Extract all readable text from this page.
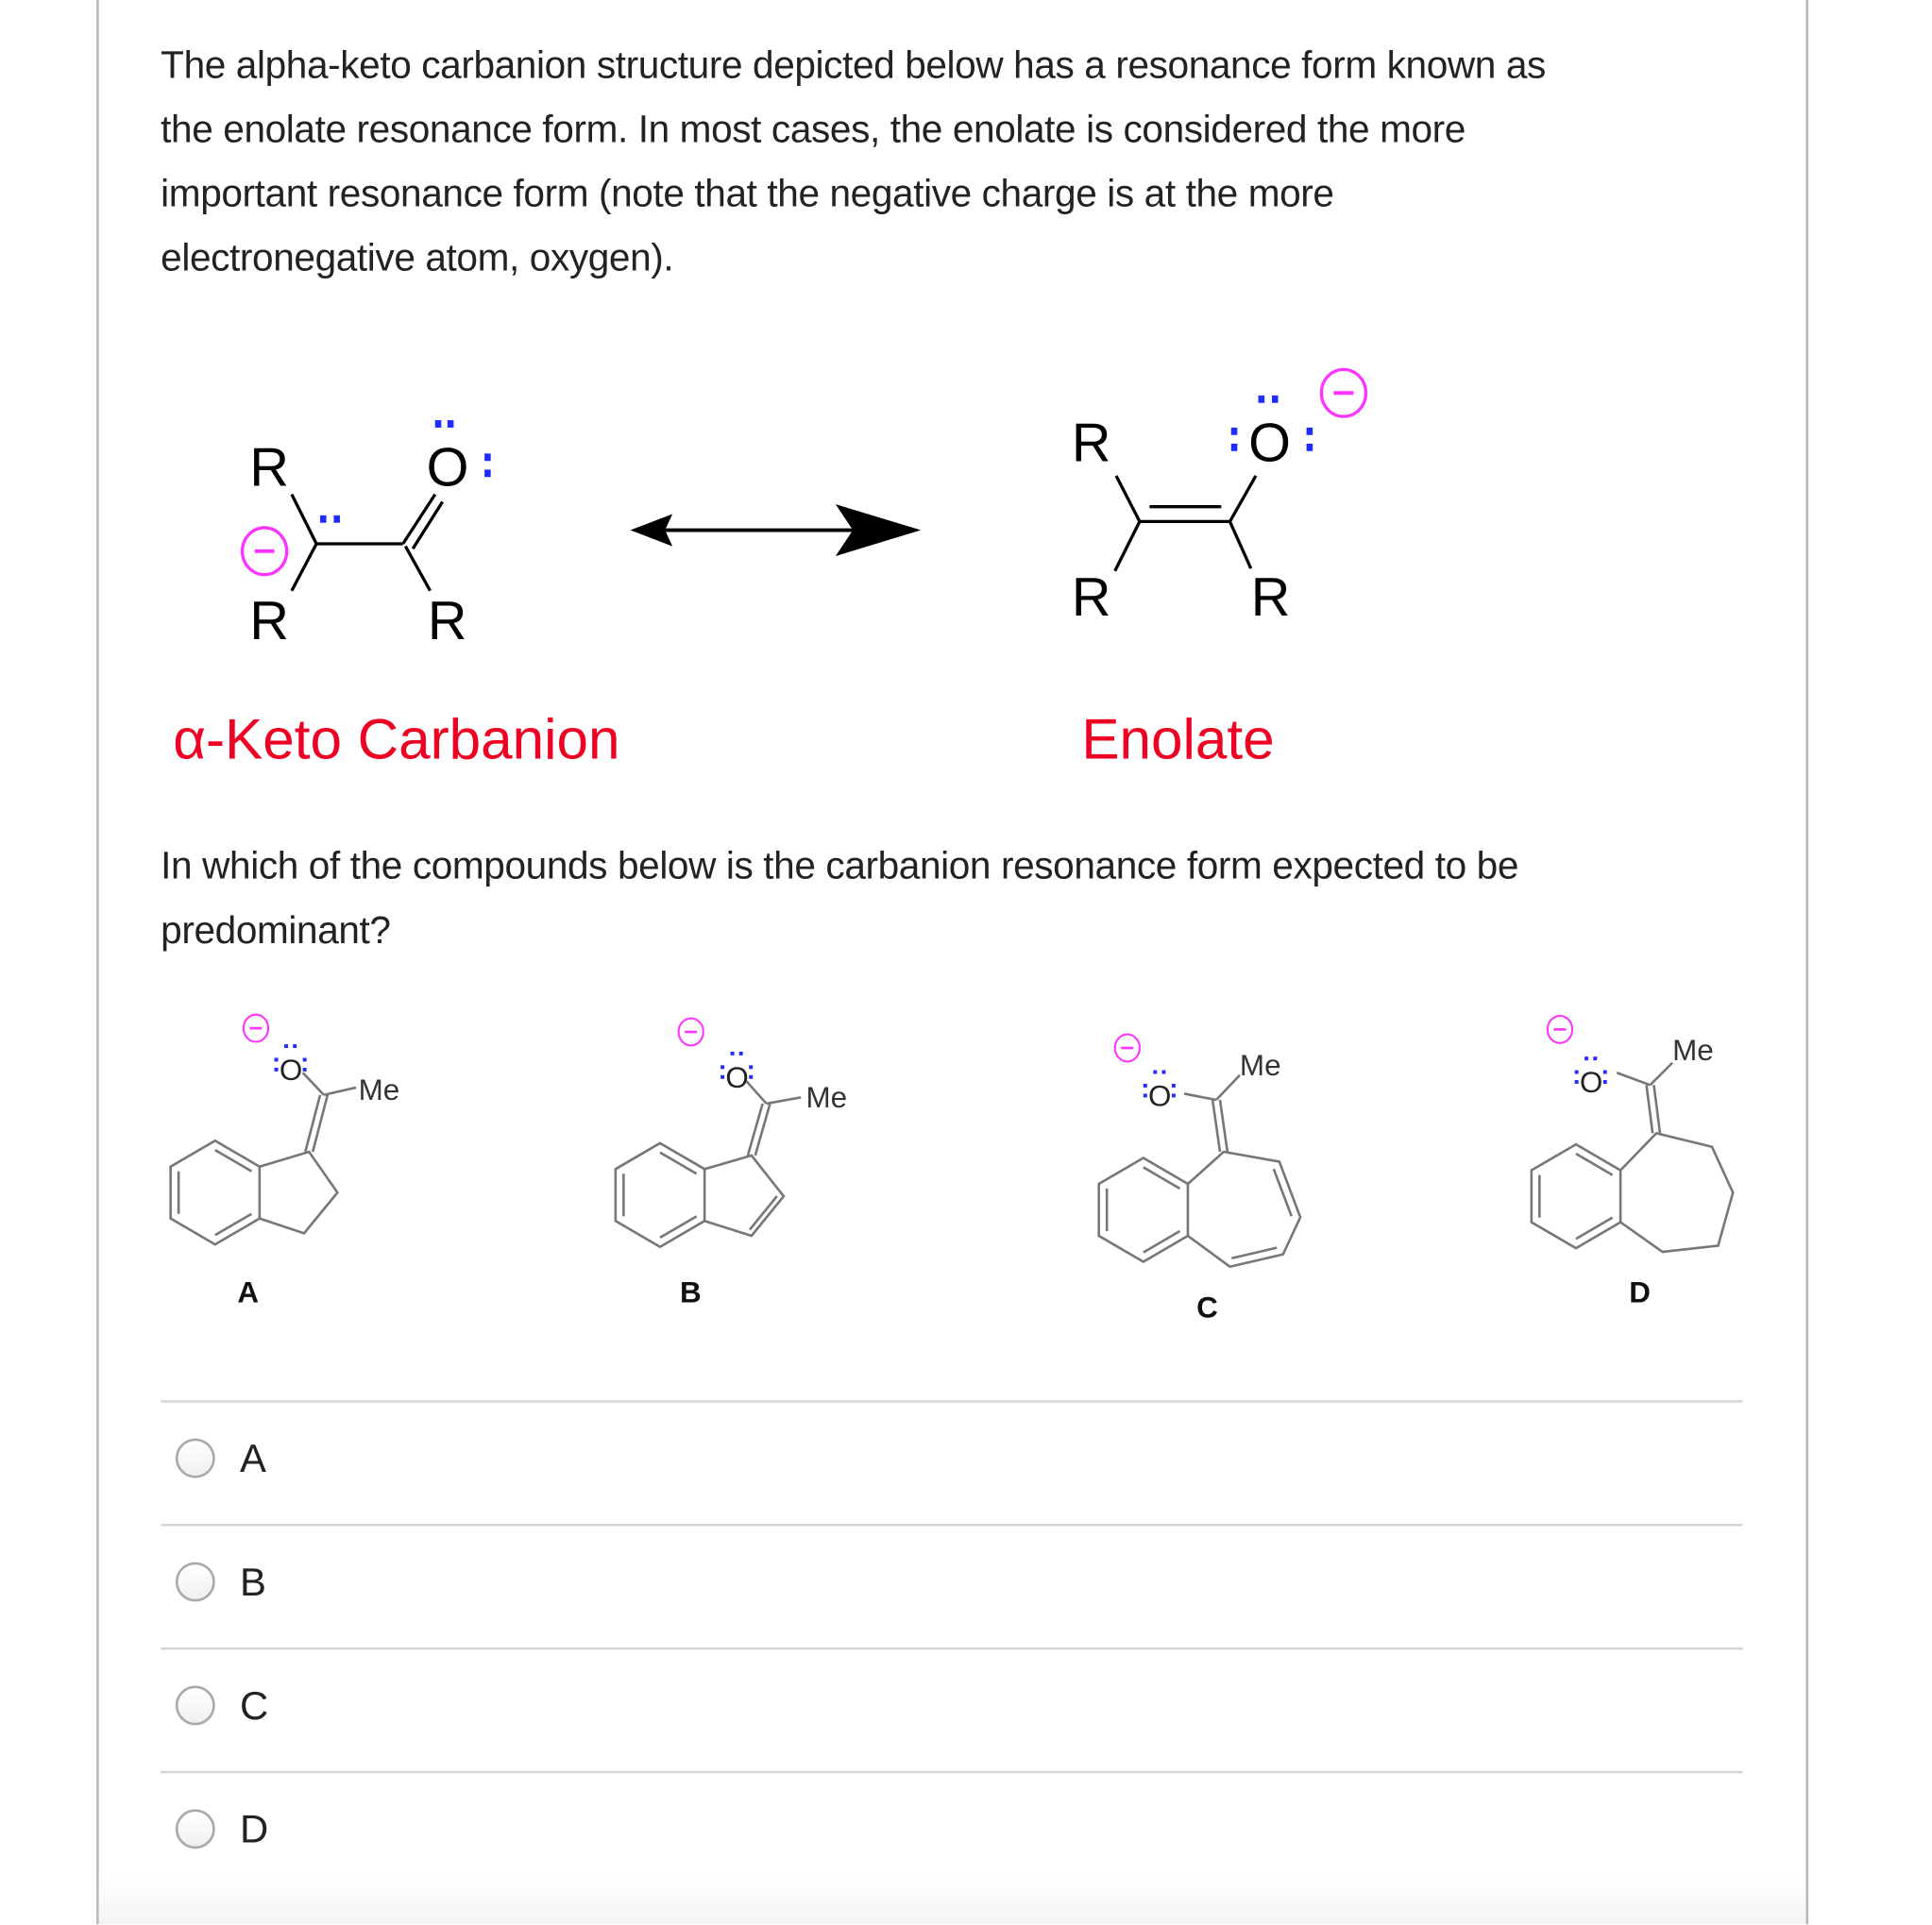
The alpha-keto carbanion structure depicted below has a resonance form known as
the enolate resonance form. In most cases, the enolate is considered the more
important resonance form (note that the negative charge is at the more
electronegative atom, oxygen).
R
R	R
O	R
R	R
O
α-Keto Carbanion	Enolate
Me
O
A
Me
O
B
Me
O
C
Me
O
D
In which of the compounds below is the carbanion resonance form expected to be
predominant?
A
B
C
D
